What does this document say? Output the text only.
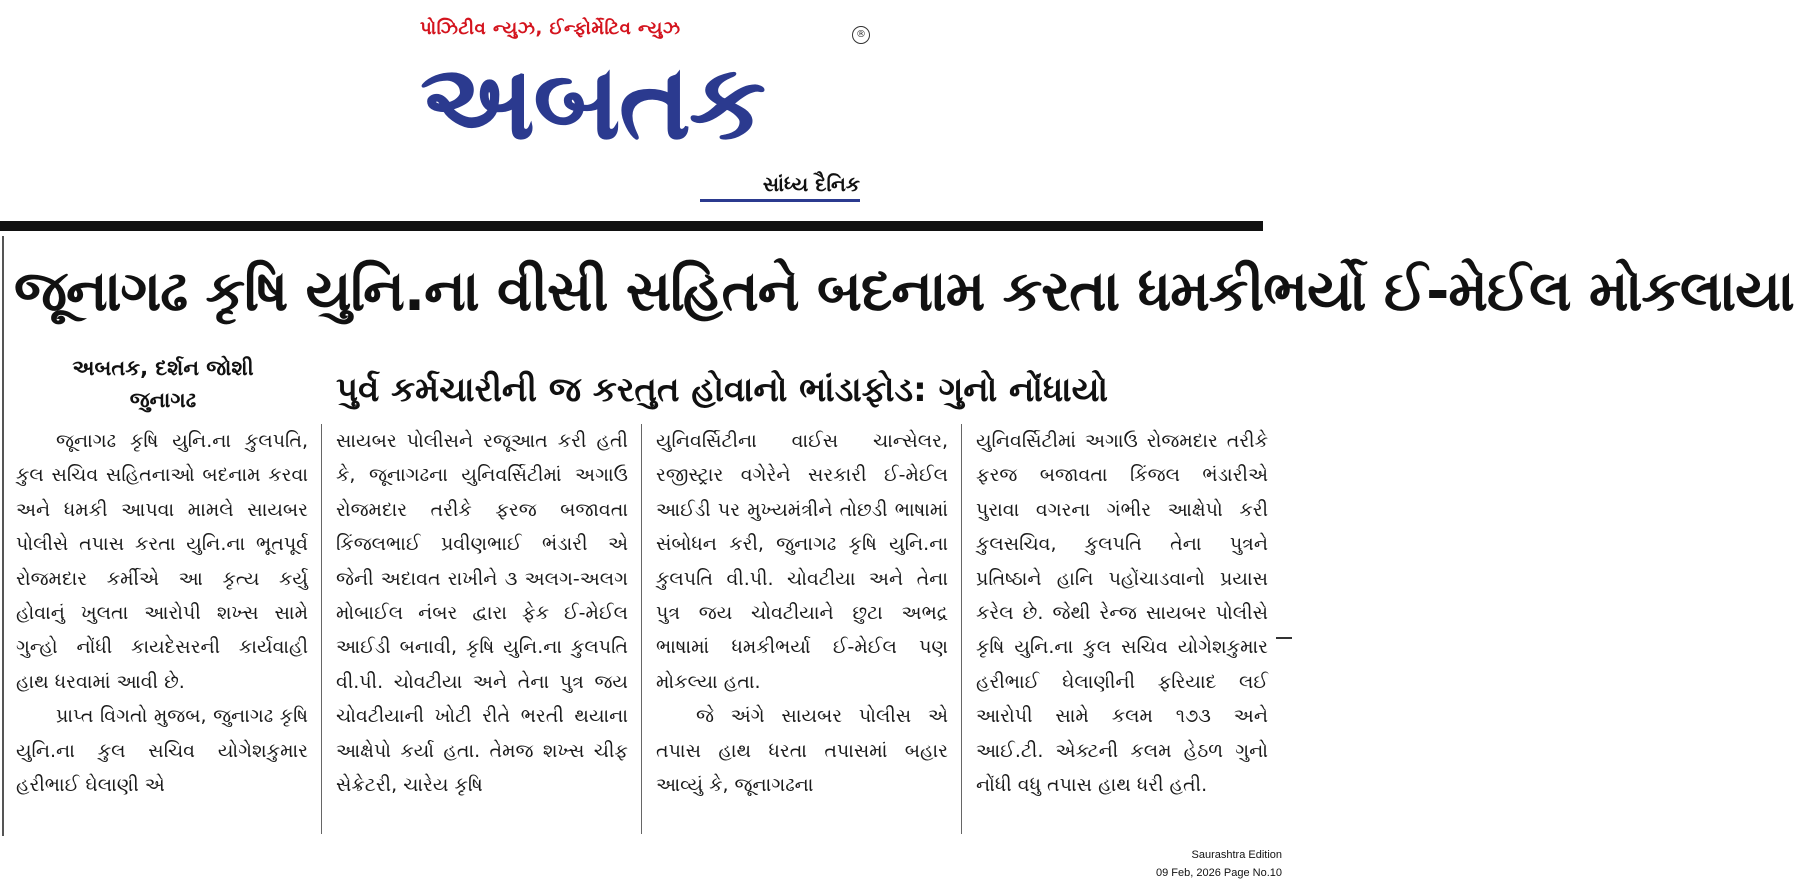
પોઝિટીવ ન્યુઝ, ઈન્ફોર્મેટિવ ન્યુઝ	®
અબતક
સાંધ્ય દૈનિક
જૂનાગઢ કૃષિ યુનિ.ના વીસી સહિતને બદનામ કરતા ધમકીભર્યો ઈ-મેઈલ મોકલાયા
અબતક, દર્શન જોશી
જુનાગઢ	પુર્વ કર્મચારીની જ કરતુત હોવાનો ભાંડાફોડ: ગુનો નોંધાયો

જૂનાગઢ કૃષિ યુનિ.ના કુલપતિ, કુલ સચિવ સહિતનાઓ બદનામ કરવા અને ધમકી આપવા મામલે સાયબર પોલીસે તપાસ કરતા યુનિ.ના ભૂતપૂર્વ રોજમદાર કર્મીએ આ કૃત્ય કર્યુ હોવાનું ખુલતા આરોપી શખ્સ સામે ગુન્હો નોંધી કાયદેસરની કાર્યવાહી હાથ ધરવામાં આવી છે.

પ્રાપ્ત વિગતો મુજબ, જુનાગઢ કૃષિ યુનિ.ના કુલ સચિવ યોગેશકુમાર હરીભાઈ ઘેલાણી એ

સાયબર પોલીસને રજૂઆત કરી હતી કે, જૂનાગઢના યુનિવર્સિટીમાં અગાઉ રોજમદાર તરીકે ફરજ બજાવતા કિંજલભાઈ પ્રવીણભાઈ ભંડારી એ જેની અદાવત રાખીને ૩ અલગ-અલગ મોબાઈલ નંબર દ્વારા ફેક ઈ-મેઈલ આઈડી બનાવી, કૃષિ યુનિ.ના કુલપતિ વી.પી. ચોવટીયા અને તેના પુત્ર જય ચોવટીયાની ખોટી રીતે ભરતી થયાના આક્ષેપો કર્યા હતા. તેમજ શખ્સ ચીફ સેક્રેટરી, ચારેય કૃષિ

યુનિવર્સિટીના વાઈસ ચાન્સેલર, રજીસ્ટ્રાર વગેરેને સરકારી ઈ-મેઈલ આઈડી પર મુખ્યમંત્રીને તોછડી ભાષામાં સંબોધન કરી, જુનાગઢ કૃષિ યુનિ.ના કુલપતિ વી.પી. ચોવટીયા અને તેના પુત્ર જય ચોવટીયાને છુટા અભદ્ર ભાષામાં ધમકીભર્યા ઈ-મેઈલ પણ મોકલ્યા હતા.

જે અંગે સાયબર પોલીસ એ તપાસ હાથ ધરતા તપાસમાં બહાર આવ્યું કે, જૂનાગઢના

યુનિવર્સિટીમાં અગાઉ રોજમદાર તરીકે ફરજ બજાવતા કિંજલ ભંડારીએ પુરાવા વગરના ગંભીર આક્ષેપો કરી કુલસચિવ, કુલપતિ તેના પુત્રને પ્રતિષ્ઠાને હાનિ પહોંચાડવાનો પ્રયાસ કરેલ છે. જેથી રેન્જ સાયબર પોલીસે કૃષિ યુનિ.ના કુલ સચિવ યોગેશકુમાર હરીભાઈ ઘેલાણીની ફરિયાદ લઈ આરોપી સામે કલમ ૧૭૩ અને આઈ.ટી. એક્ટની કલમ હેઠળ ગુનો નોંધી વધુ તપાસ હાથ ધરી હતી.

Saurashtra Edition
09 Feb, 2026 Page No.10
